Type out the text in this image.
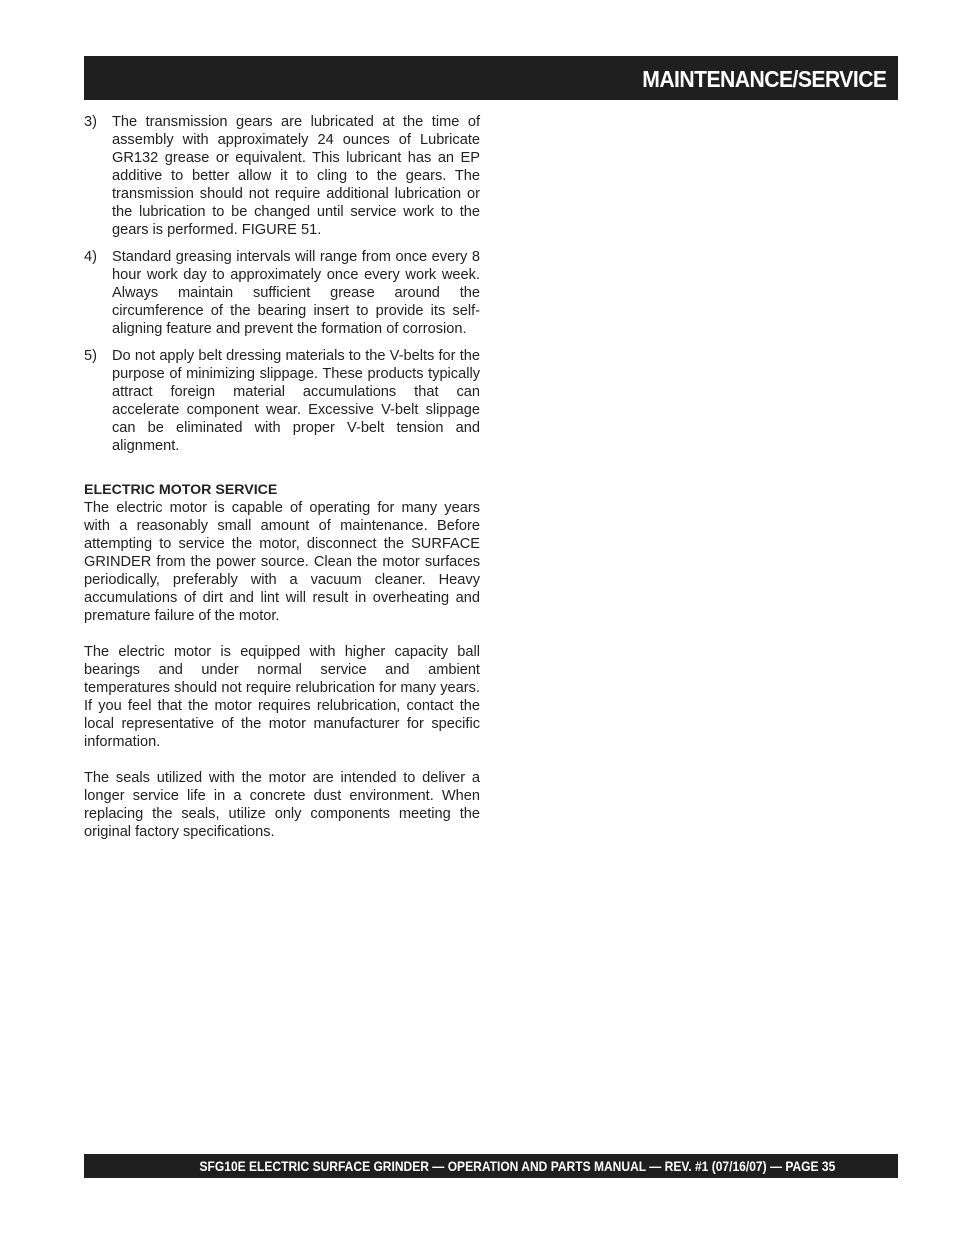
MAINTENANCE/SERVICE
3) The transmission gears are lubricated at the time of assembly with approximately 24 ounces of Lubricate GR132 grease or equivalent. This lubricant has an EP additive to better allow it to cling to the gears. The transmission should not require additional lubrication or the lubrication to be changed until service work to the gears is performed. FIGURE 51.
4) Standard greasing intervals will range from once every 8 hour work day to approximately once every work week. Always maintain sufficient grease around the circumference of the bearing insert to provide its self-aligning feature and prevent the formation of corrosion.
5) Do not apply belt dressing materials to the V-belts for the purpose of minimizing slippage. These products typically attract foreign material accumulations that can accelerate component wear. Excessive V-belt slippage can be eliminated with proper V-belt tension and alignment.
ELECTRIC MOTOR SERVICE

The electric motor is capable of operating for many years with a reasonably small amount of maintenance. Before attempting to service the motor, disconnect the SURFACE GRINDER from the power source. Clean the motor surfaces periodically, preferably with a vacuum cleaner. Heavy accumulations of dirt and lint will result in overheating and premature failure of the motor.

The electric motor is equipped with higher capacity ball bearings and under normal service and ambient temperatures should not require relubrication for many years. If you feel that the motor requires relubrication, contact the local representative of the motor manufacturer for specific information.

The seals utilized with the motor are intended to deliver a longer service life in a concrete dust environment. When replacing the seals, utilize only components meeting the original factory specifications.

SFG10E ELECTRIC SURFACE GRINDER — OPERATION AND PARTS MANUAL — REV. #1 (07/16/07) — PAGE 35
